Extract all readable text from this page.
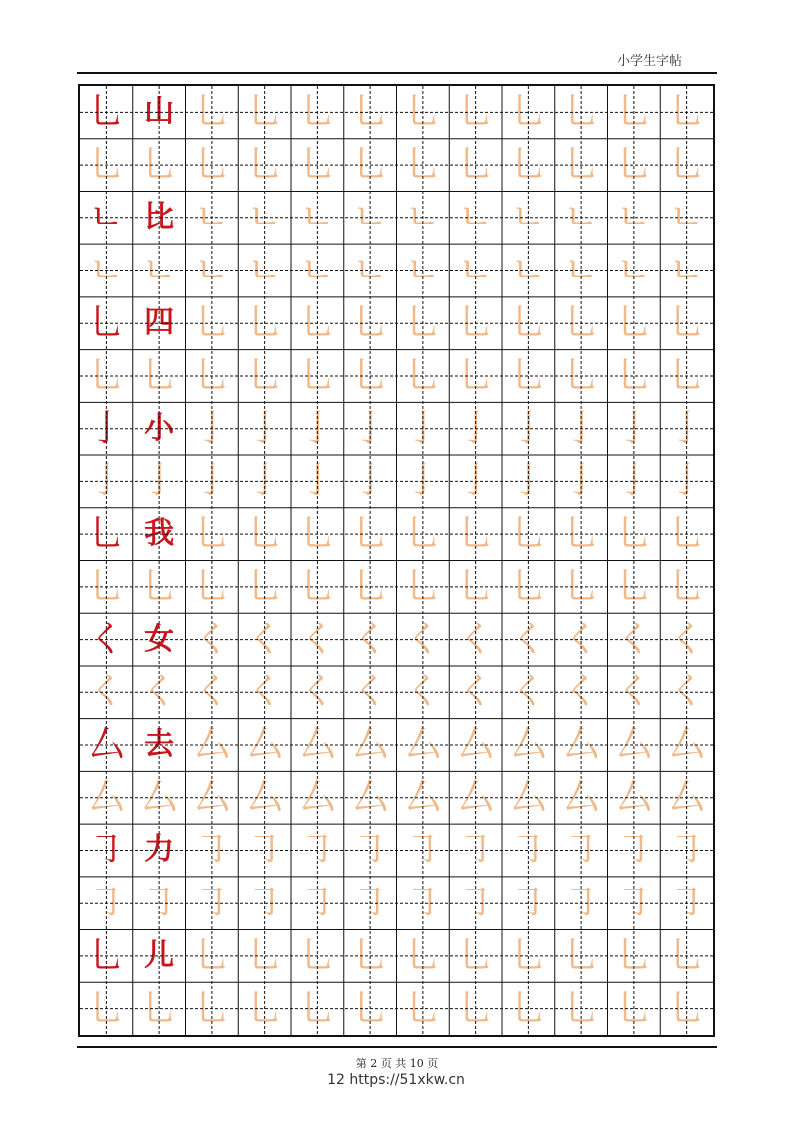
小学生字帖
乚 山 乚 乚 乚 乚 乚 乚 乚 乚 乚 乚
乚 乚 乚 乚 乚 乚 乚 乚 乚 乚 乚 乚
ㄴ 比 ㄴ ㄴ ㄴ ㄴ ㄴ ㄴ ㄴ ㄴ ㄴ ㄴ
ㄴ ㄴ ㄴ ㄴ ㄴ ㄴ ㄴ ㄴ ㄴ ㄴ ㄴ ㄴ
乚 四 乚 乚 乚 乚 乚 乚 乚 乚 乚 乚
乚 乚 乚 乚 乚 乚 乚 乚 乚 乚 乚 乚
亅 小 亅 亅 亅 亅 亅 亅 亅 亅 亅 亅
亅 亅 亅 亅 亅 亅 亅 亅 亅 亅 亅 亅
乚 我 乚 乚 乚 乚 乚 乚 乚 乚 乚 乚
乚 乚 乚 乚 乚 乚 乚 乚 乚 乚 乚 乚
く 女 く く く く く く く く く く
く く く く く く く く く く く く
厶 去 厶 厶 厶 厶 厶 厶 厶 厶 厶 厶
厶 厶 厶 厶 厶 厶 厶 厶 厶 厶 厶 厶
㇆ 力 ㇆ ㇆ ㇆ ㇆ ㇆ ㇆ ㇆ ㇆ ㇆ ㇆
㇆ ㇆ ㇆ ㇆ ㇆ ㇆ ㇆ ㇆ ㇆ ㇆ ㇆ ㇆
乚 儿 乚 乚 乚 乚 乚 乚 乚 乚 乚 乚
乚 乚 乚 乚 乚 乚 乚 乚 乚 乚 乚 乚
第 2 页 共 10 页
12 https://51xkw.cn
